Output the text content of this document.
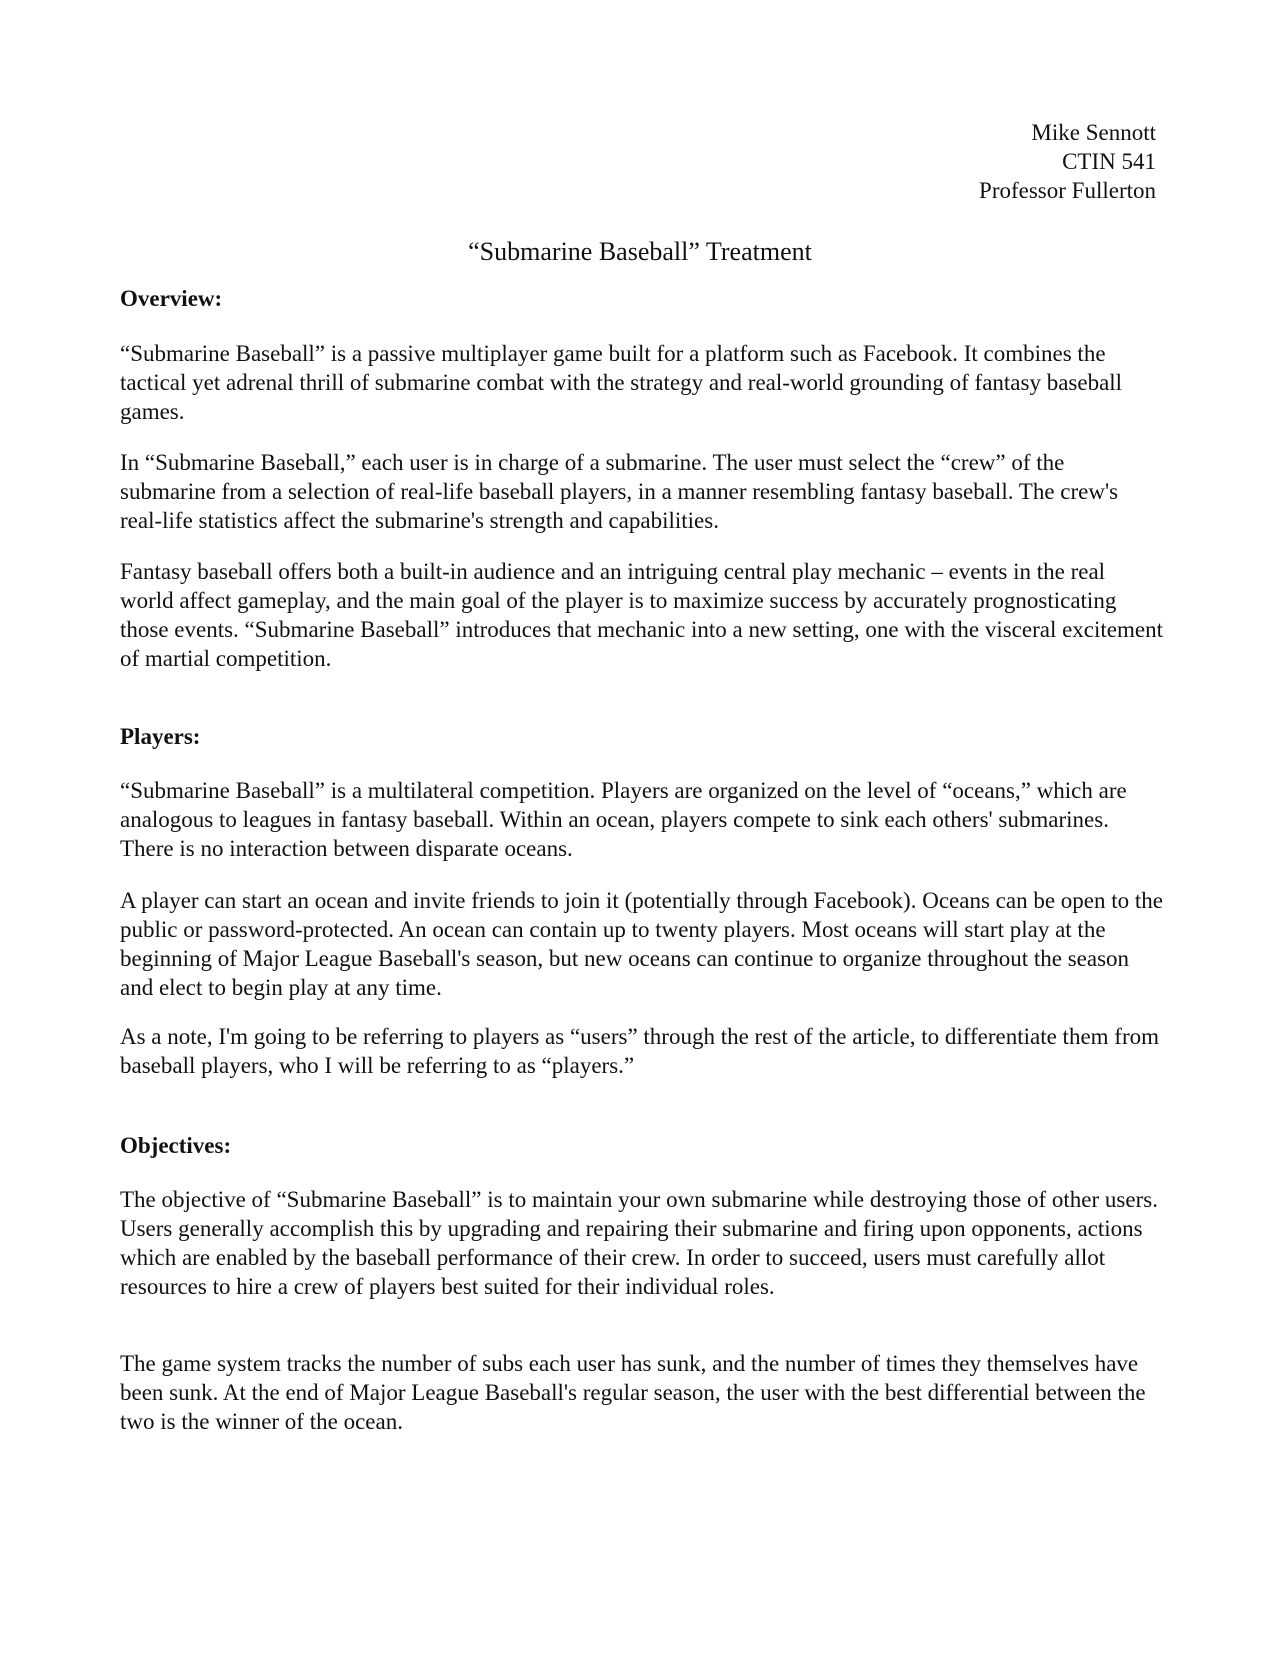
Mike Sennott
CTIN 541
Professor Fullerton
“Submarine Baseball” Treatment
Overview:
“Submarine Baseball” is a passive multiplayer game built for a platform such as Facebook. It combines the tactical yet adrenal thrill of submarine combat with the strategy and real-world grounding of fantasy baseball games.
In “Submarine Baseball,” each user is in charge of a submarine. The user must select the “crew” of the submarine from a selection of real-life baseball players, in a manner resembling fantasy baseball. The crew's real-life statistics affect the submarine's strength and capabilities.
Fantasy baseball offers both a built-in audience and an intriguing central play mechanic – events in the real world affect gameplay, and the main goal of the player is to maximize success by accurately prognosticating those events. “Submarine Baseball” introduces that mechanic into a new setting, one with the visceral excitement of martial competition.
Players:
“Submarine Baseball” is a multilateral competition. Players are organized on the level of “oceans,” which are analogous to leagues in fantasy baseball. Within an ocean, players compete to sink each others' submarines. There is no interaction between disparate oceans.
A player can start an ocean and invite friends to join it (potentially through Facebook). Oceans can be open to the public or password-protected. An ocean can contain up to twenty players. Most oceans will start play at the beginning of Major League Baseball's season, but new oceans can continue to organize throughout the season and elect to begin play at any time.
As a note, I'm going to be referring to players as “users” through the rest of the article, to differentiate them from baseball players, who I will be referring to as “players.”
Objectives:
The objective of “Submarine Baseball” is to maintain your own submarine while destroying those of other users. Users generally accomplish this by upgrading and repairing their submarine and firing upon opponents, actions which are enabled by the baseball performance of their crew. In order to succeed, users must carefully allot resources to hire a crew of players best suited for their individual roles.
The game system tracks the number of subs each user has sunk, and the number of times they themselves have been sunk. At the end of Major League Baseball's regular season, the user with the best differential between the two is the winner of the ocean.
